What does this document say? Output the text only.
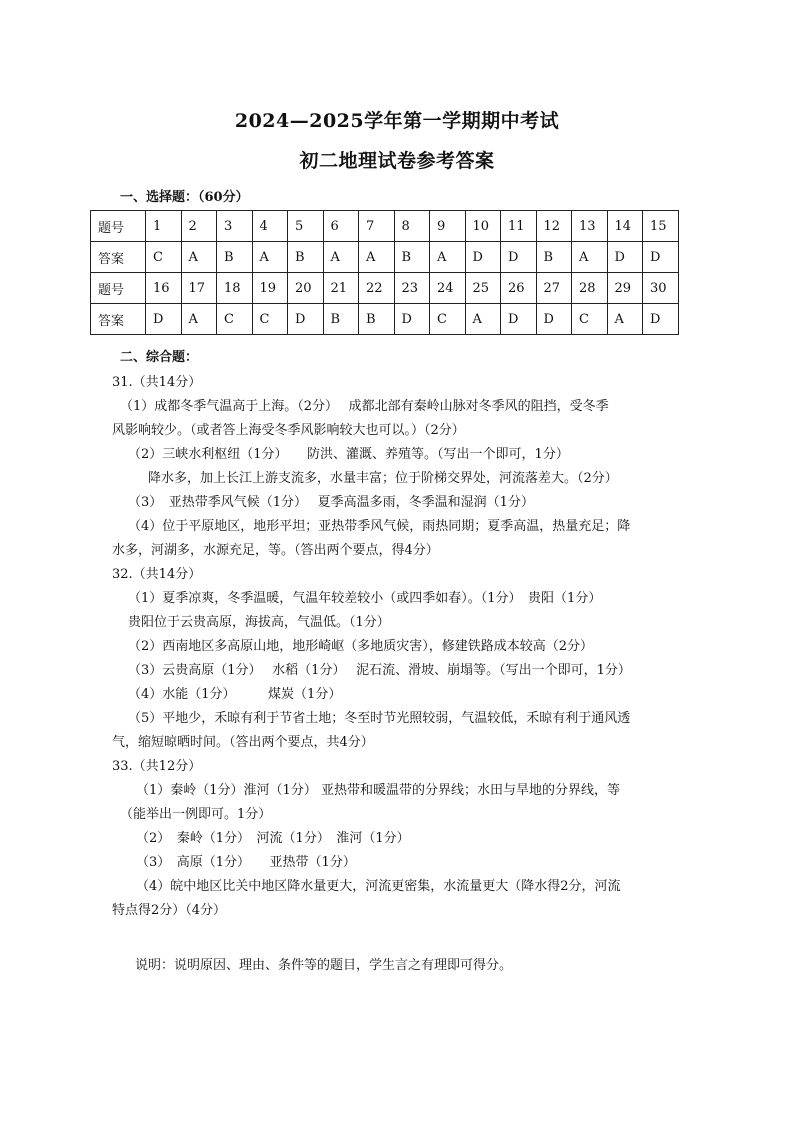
2024—2025学年第一学期期中考试
初二地理试卷参考答案

一、选择题：（60分）

题号	1	2	3	4	5	6	7	8	9	10	11	12	13	14	15
答案	C	A	B	A	B	A	A	B	A	D	D	B	A	D	D
题号	16	17	18	19	20	21	22	23	24	25	26	27	28	29	30
答案	D	A	C	C	D	B	B	D	C	A	D	D	C	A	D

二、综合题：

31.（共14分）
（1）成都冬季气温高于上海。（2分）　 成都北部有秦岭山脉对冬季风的阻挡，受冬季
风影响较少。（或者答上海受冬季风影响较大也可以。）（2分）
（2）三峡水利枢纽（1分）　　防洪、灌溉、养殖等。（写出一个即可，1分）
降水多，加上长江上游支流多，水量丰富；位于阶梯交界处，河流落差大。（2分）
（3）　亚热带季风气候（1分）　 夏季高温多雨，冬季温和湿润（1分）
（4）位于平原地区，地形平坦；亚热带季风气候，雨热同期；夏季高温，热量充足；降
水多，河湖多，水源充足，等。（答出两个要点，得4分）
32.（共14分）
（1）夏季凉爽，冬季温暖，气温年较差较小（或四季如春）。（1分）　贵阳（1分）
贵阳位于云贵高原，海拔高，气温低。（1分）
（2）西南地区多高原山地，地形崎岖（多地质灾害），修建铁路成本较高（2分）
（3）云贵高原（1分）　 水稻（1分）　 泥石流、滑坡、崩塌等。（写出一个即可，1分）
（4）水能（1分）　　　煤炭（1分）
（5）平地少，禾晾有利于节省土地；冬至时节光照较弱，气温较低，禾晾有利于通风透
气，缩短晾晒时间。（答出两个要点，共4分）
33.（共12分）
（1）秦岭（1分）淮河（1分） 亚热带和暖温带的分界线；水田与旱地的分界线，等
（能举出一例即可。1分）
（2）　秦岭（1分）　河流（1分）　淮河（1分）
（3）　高原（1分）　　亚热带（1分）
（4）皖中地区比关中地区降水量更大，河流更密集，水流量更大（降水得2分，河流
特点得2分）（4分）

说明：说明原因、理由、条件等的题目，学生言之有理即可得分。
